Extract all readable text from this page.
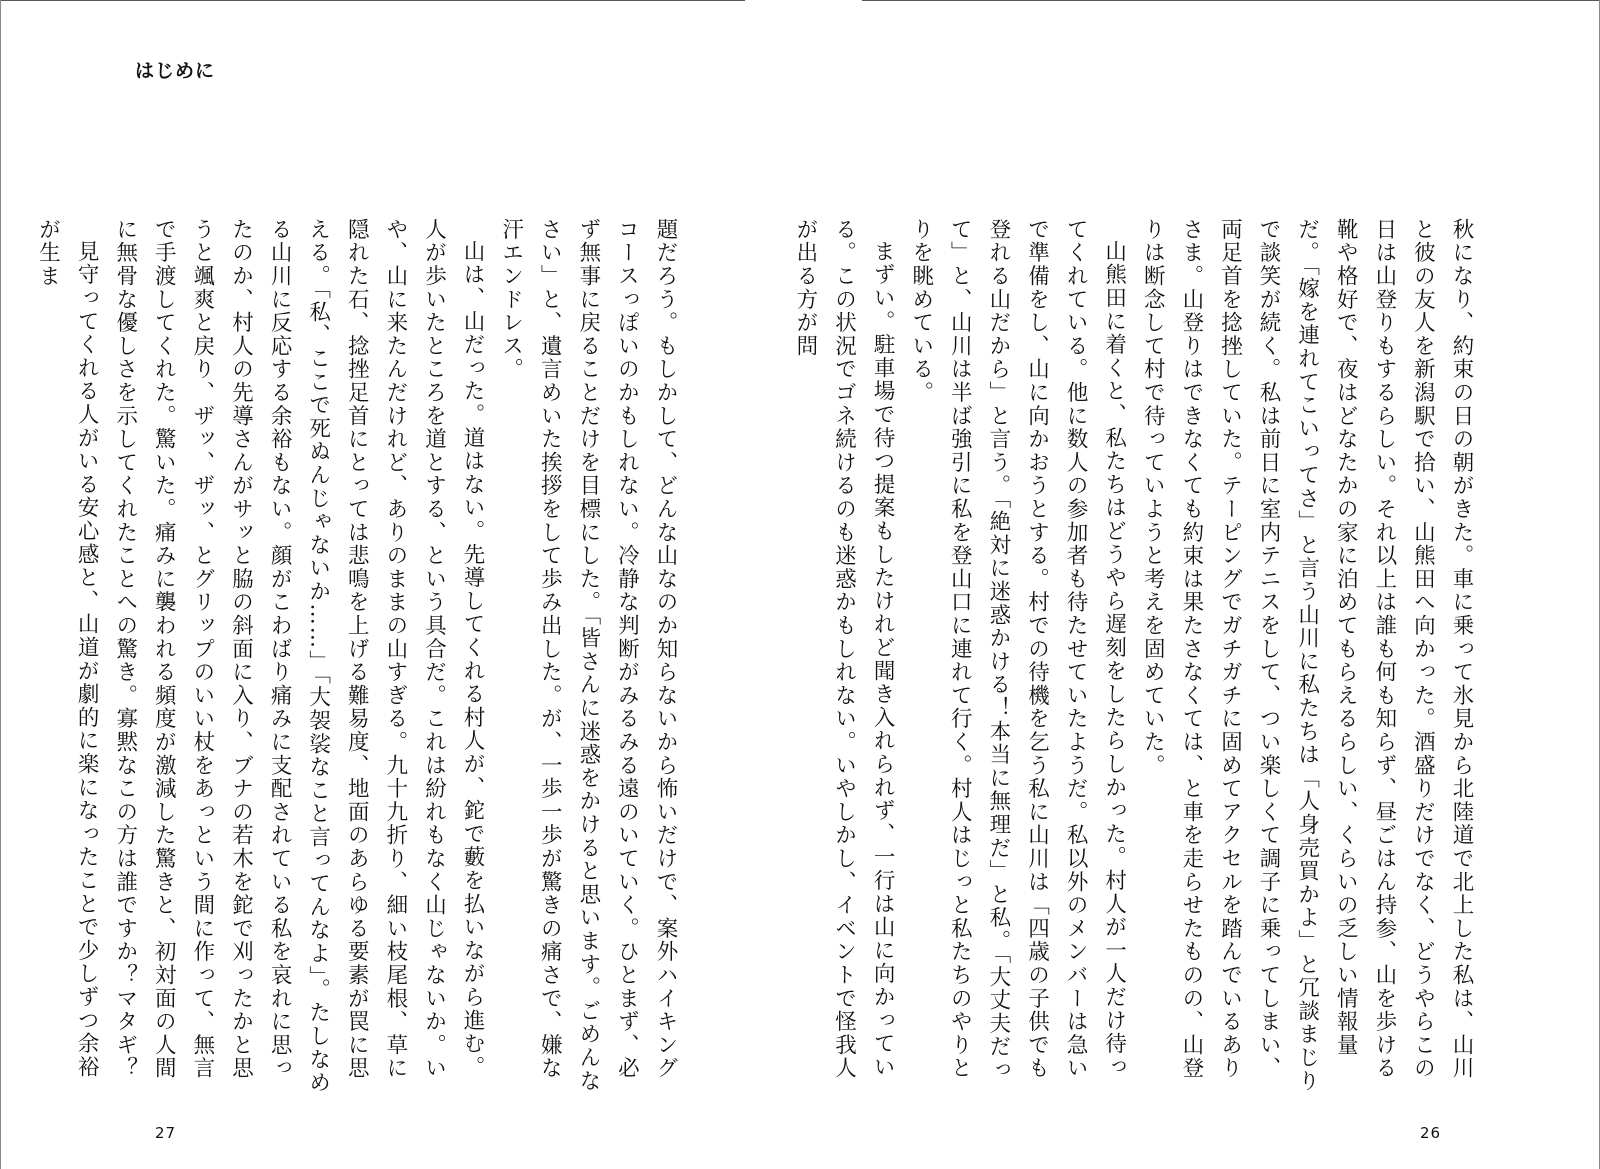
はじめに

題だろう。もしかして、どんな山なのか知らないから怖いだけで、案外ハイキングコースっぽいのかもしれない。冷静な判断がみるみる遠のいていく。ひとまず、必ず無事に戻ることだけを目標にした。「皆さんに迷惑をかけると思います。ごめんなさい」と、遺言めいた挨拶をして歩み出した。が、一歩一歩が驚きの痛さで、嫌な汗エンドレス。

山は、山だった。道はない。先導してくれる村人が、鉈で藪を払いながら進む。人が歩いたところを道とする、という具合だ。これは紛れもなく山じゃないか。いや、山に来たんだけれど、ありのままの山すぎる。九十九折り、細い枝尾根、草に隠れた石、捻挫足首にとっては悲鳴を上げる難易度、地面のあらゆる要素が罠に思える。「私、ここで死ぬんじゃないか……」「大袈裟なこと言ってんなよ」。たしなめる山川に反応する余裕もない。顔がこわばり痛みに支配されている私を哀れに思ったのか、村人の先導さんがサッと脇の斜面に入り、ブナの若木を鉈で刈ったかと思うと颯爽と戻り、ザッ、ザッ、とグリップのいい杖をあっという間に作って、無言で手渡してくれた。驚いた。痛みに襲われる頻度が激減した驚きと、初対面の人間に無骨な優しさを示してくれたことへの驚き。寡黙なこの方は誰ですか？マタギ？

見守ってくれる人がいる安心感と、山道が劇的に楽になったことで少しずつ余裕が生ま

27

秋になり、約束の日の朝がきた。車に乗って氷見から北陸道で北上した私は、山川と彼の友人を新潟駅で拾い、山熊田へ向かった。酒盛りだけでなく、どうやらこの日は山登りもするらしい。それ以上は誰も何も知らず、昼ごはん持参、山を歩ける靴や格好で、夜はどなたかの家に泊めてもらえるらしい、くらいの乏しい情報量だ。「嫁を連れてこいってさ」と言う山川に私たちは「人身売買かよ」と冗談まじりで談笑が続く。私は前日に室内テニスをして、つい楽しくて調子に乗ってしまい、両足首を捻挫していた。テーピングでガチガチに固めてアクセルを踏んでいるありさま。山登りはできなくても約束は果たさなくては、と車を走らせたものの、山登りは断念して村で待っていようと考えを固めていた。

山熊田に着くと、私たちはどうやら遅刻をしたらしかった。村人が一人だけ待ってくれている。他に数人の参加者も待たせていたようだ。私以外のメンバーは急いで準備をし、山に向かおうとする。村での待機を乞う私に山川は「四歳の子供でも登れる山だから」と言う。「絶対に迷惑かける！本当に無理だ」と私。「大丈夫だって」と、山川は半ば強引に私を登山口に連れて行く。村人はじっと私たちのやりとりを眺めている。

まずい。駐車場で待つ提案もしたけれど聞き入れられず、一行は山に向かっている。この状況でゴネ続けるのも迷惑かもしれない。いやしかし、イベントで怪我人が出る方が問

26
